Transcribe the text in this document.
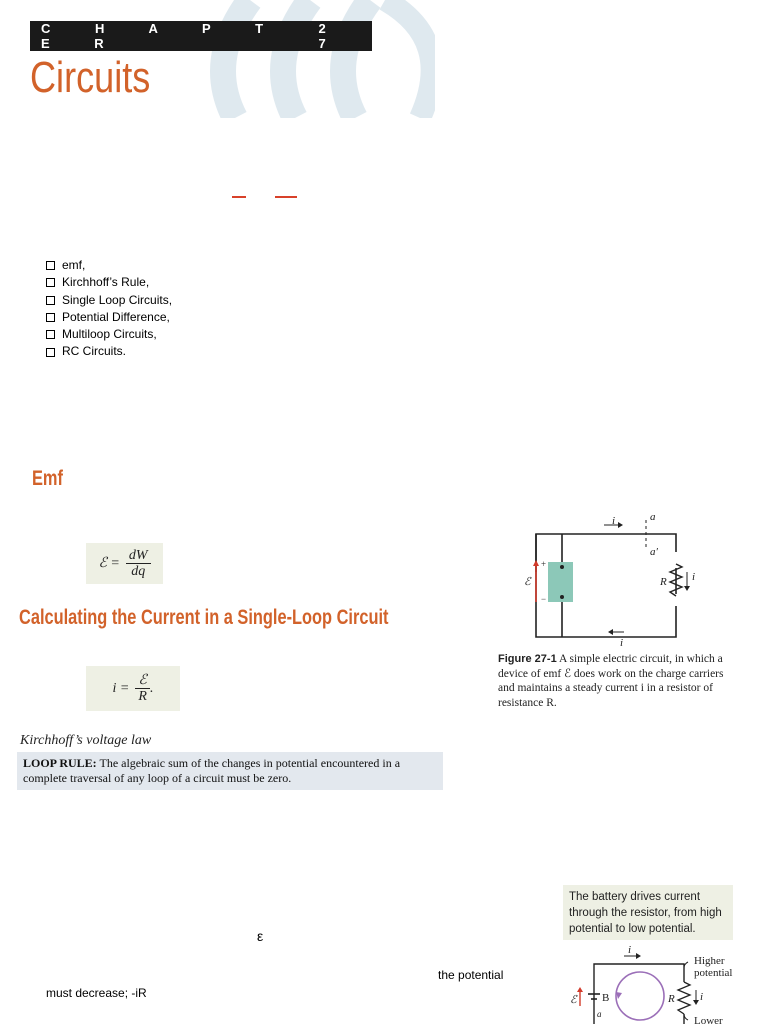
C H A P T E R
2 7
Circuits
emf,
Kirchhoff’s Rule,
Single Loop Circuits,
Potential Difference,
Multiloop Circuits,
RC Circuits.
Emf
ℰ = $\frac{dW}{dq}$
Calculating the Current in a Single-Loop Circuit
$i = \frac{\text{ℰ}}{R}$ .
Kirchhoff’s voltage law
LOOP RULE: The algebraic sum of the changes in potential encountered in a complete traversal of any loop of a circuit must be zero.
i	a
a′
R i
i
ℰ
+
−
Figure 27-1 A simple electric circuit, in which a device of emf ℰ does work on the charge carriers and maintains a steady current i in a resistor of resistance R.
The battery drives current through the resistor, from high potential to low potential.
i
Higher
potential
Lower
R
B	i
ℰ
a
ε
the potential
must decrease; -iR
